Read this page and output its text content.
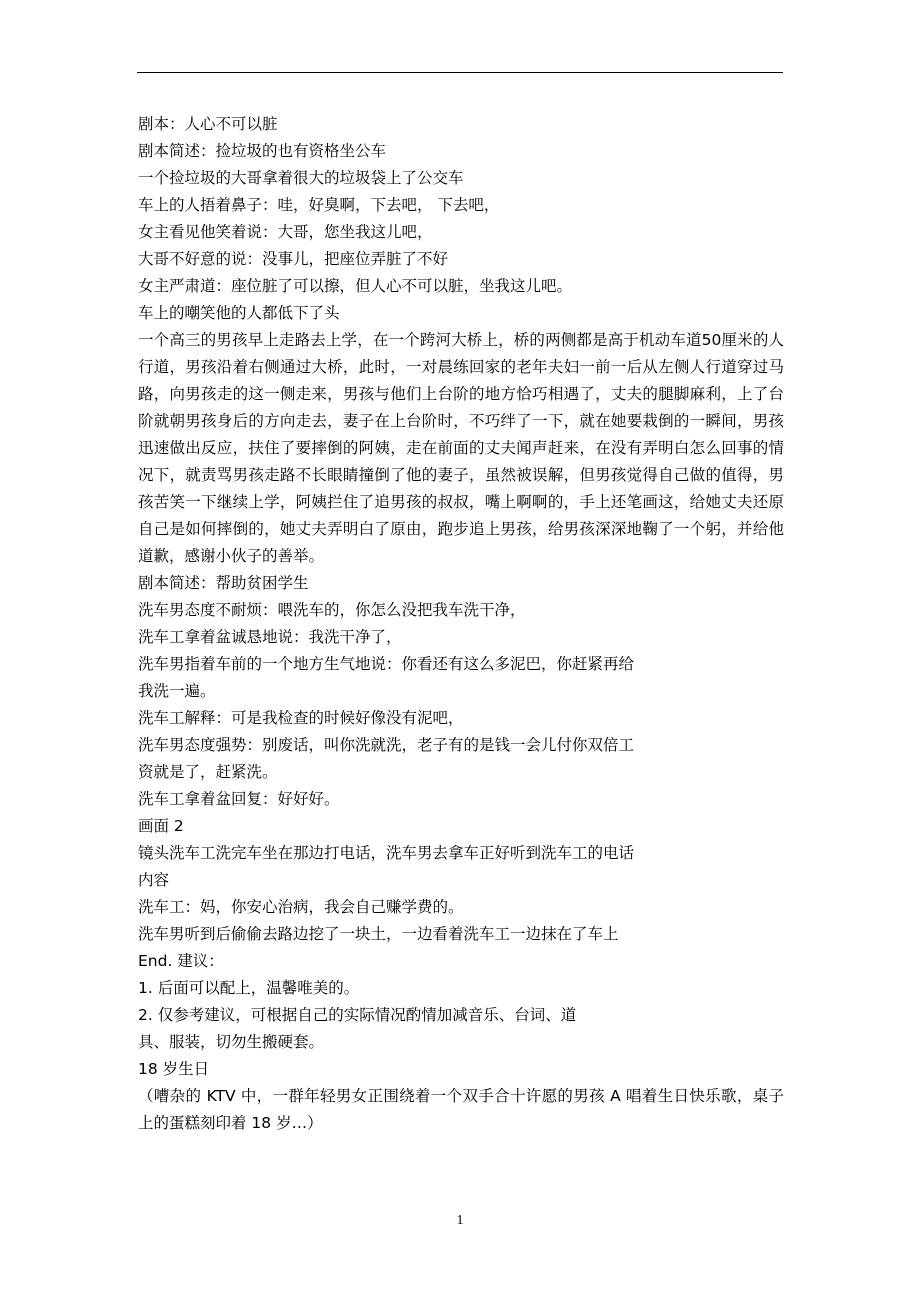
剧本：人心不可以脏
剧本简述：捡垃圾的也有资格坐公车
一个捡垃圾的大哥拿着很大的垃圾袋上了公交车
车上的人捂着鼻子：哇，好臭啊，下去吧， 下去吧，
女主看见他笑着说：大哥，您坐我这儿吧，
大哥不好意的说：没事儿，把座位弄脏了不好
女主严肃道：座位脏了可以擦，但人心不可以脏，坐我这儿吧。
车上的嘲笑他的人都低下了头
一个高三的男孩早上走路去上学，在一个跨河大桥上，桥的两侧都是高于机动车道50厘米的人行道，男孩沿着右侧通过大桥，此时，一对晨练回家的老年夫妇一前一后从左侧人行道穿过马路，向男孩走的这一侧走来，男孩与他们上台阶的地方恰巧相遇了，丈夫的腿脚麻利，上了台阶就朝男孩身后的方向走去，妻子在上台阶时，不巧绊了一下，就在她要栽倒的一瞬间，男孩迅速做出反应，扶住了要摔倒的阿姨，走在前面的丈夫闻声赶来，在没有弄明白怎么回事的情况下，就责骂男孩走路不长眼睛撞倒了他的妻子，虽然被误解，但男孩觉得自己做的值得，男孩苦笑一下继续上学，阿姨拦住了追男孩的叔叔，嘴上啊啊的，手上还笔画这，给她丈夫还原自己是如何摔倒的，她丈夫弄明白了原由，跑步追上男孩，给男孩深深地鞠了一个躬，并给他道歉，感谢小伙子的善举。
剧本简述：帮助贫困学生
洗车男态度不耐烦：喂洗车的，你怎么没把我车洗干净，
洗车工拿着盆诚恳地说：我洗干净了，
洗车男指着车前的一个地方生气地说：你看还有这么多泥巴，你赶紧再给
我洗一遍。
洗车工解释：可是我检查的时候好像没有泥吧，
洗车男态度强势：别废话，叫你洗就洗，老子有的是钱一会儿付你双倍工
资就是了，赶紧洗。
洗车工拿着盆回复：好好好。
画面 2
镜头洗车工洗完车坐在那边打电话，洗车男去拿车正好听到洗车工的电话
内容
洗车工：妈，你安心治病，我会自己赚学费的。
洗车男听到后偷偷去路边挖了一块土，一边看着洗车工一边抹在了车上
End. 建议：
1. 后面可以配上，温馨唯美的。
2. 仅参考建议，可根据自己的实际情况酌情加减音乐、台词、道
具、服装，切勿生搬硬套。
18 岁生日
（嘈杂的 KTV 中，一群年轻男女正围绕着一个双手合十许愿的男孩 A 唱着生日快乐歌，桌子上的蛋糕刻印着 18 岁…）
1
